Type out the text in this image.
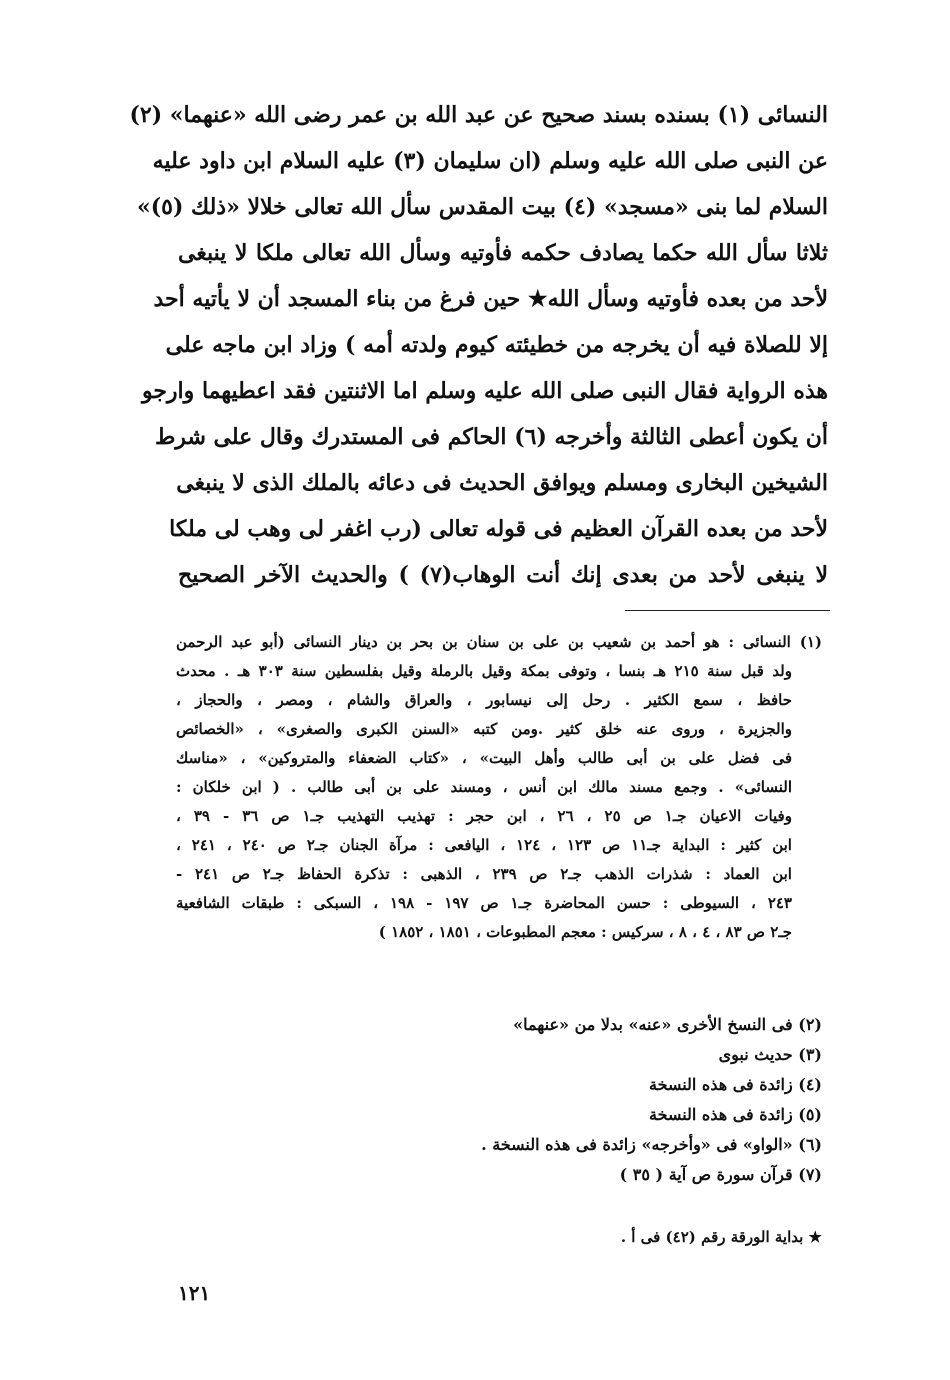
النسائى (١) بسنده بسند صحيح عن عبد الله بن عمر رضى الله «عنهما» (٢)
عن النبى صلى الله عليه وسلم (ان سليمان (٣) عليه السلام ابن داود عليه
السلام لما بنى «مسجد» (٤) بيت المقدس سأل الله تعالى خلالا «ذلك (٥)»
ثلاثا سأل الله حكما يصادف حكمه فأوتيه وسأل الله تعالى ملكا لا ينبغى
لأحد من بعده فأوتيه وسأل الله★ حين فرغ من بناء المسجد أن لا يأتيه أحد
إلا للصلاة فيه أن يخرجه من خطيئته كيوم ولدته أمه ) وزاد ابن ماجه على
هذه الرواية فقال النبى صلى الله عليه وسلم اما الاثنتين فقد اعطيهما وارجو
أن يكون أعطى الثالثة وأخرجه (٦) الحاكم فى المستدرك وقال على شرط
الشيخين البخارى ومسلم ويوافق الحديث فى دعائه بالملك الذى لا ينبغى
لأحد من بعده القرآن العظيم فى قوله تعالى (رب اغفر لى وهب لى ملكا
لا ينبغى لأحد من بعدى إنك أنت الوهاب(٧) ) والحديث الآخر الصحيح
(١) النسائى : هو أحمد بن شعيب بن على بن سنان بن بحر بن دينار النسائى (أبو عبد الرحمن
ولد قبل سنة ٢١٥ هـ بنسا ، وتوفى بمكة وقيل بالرملة وقيل بفلسطين سنة ٣٠٣ هـ . محدث
حافظ ، سمع الكثير . رحل إلى نيسابور ، والعراق والشام ، ومصر ، والحجاز ،
والجزيرة ، وروى عنه خلق كثير .ومن كتبه «السنن الكبرى والصغرى» ، «الخصائص
فى فضل على بن أبى طالب وأهل البيت» ، «كتاب الضعفاء والمتروكين» ، «مناسك
النسائى» . وجمع مسند مالك ابن أنس ، ومسند على بن أبى طالب . ( ابن خلكان :
وفيات الاعيان جـ١ ص ٢٥ ، ٢٦ ، ابن حجر : تهذيب التهذيب جـ١ ص ٣٦ - ٣٩ ،
ابن كثير : البداية جـ١١ ص ١٢٣ ، ١٢٤ ، اليافعى : مرآة الجنان جـ٢ ص ٢٤٠ ، ٢٤١ ،
ابن العماد : شذرات الذهب جـ٢ ص ٢٣٩ ، الذهبى : تذكرة الحفاظ جـ٢ ص ٢٤١ -
٢٤٣ ، السيوطى : حسن المحاضرة جـ١ ص ١٩٧ - ١٩٨ ، السبكى : طبقات الشافعية
جـ٢ ص ٨٣ ، ٤ ، ٨ ، سركيس : معجم المطبوعات ، ١٨٥١ ، ١٨٥٢ )
(٢) فى النسخ الأخرى «عنه» بدلا من «عنهما»
(٣) حديث نبوى
(٤) زائدة فى هذه النسخة
(٥) زائدة فى هذه النسخة
(٦) «الواو» فى «وأخرجه» زائدة فى هذه النسخة .
(٧) قرآن سورة ص آية ( ٣٥ )
★ بداية الورقة رقم (٤٢) فى أ .
١٢١
